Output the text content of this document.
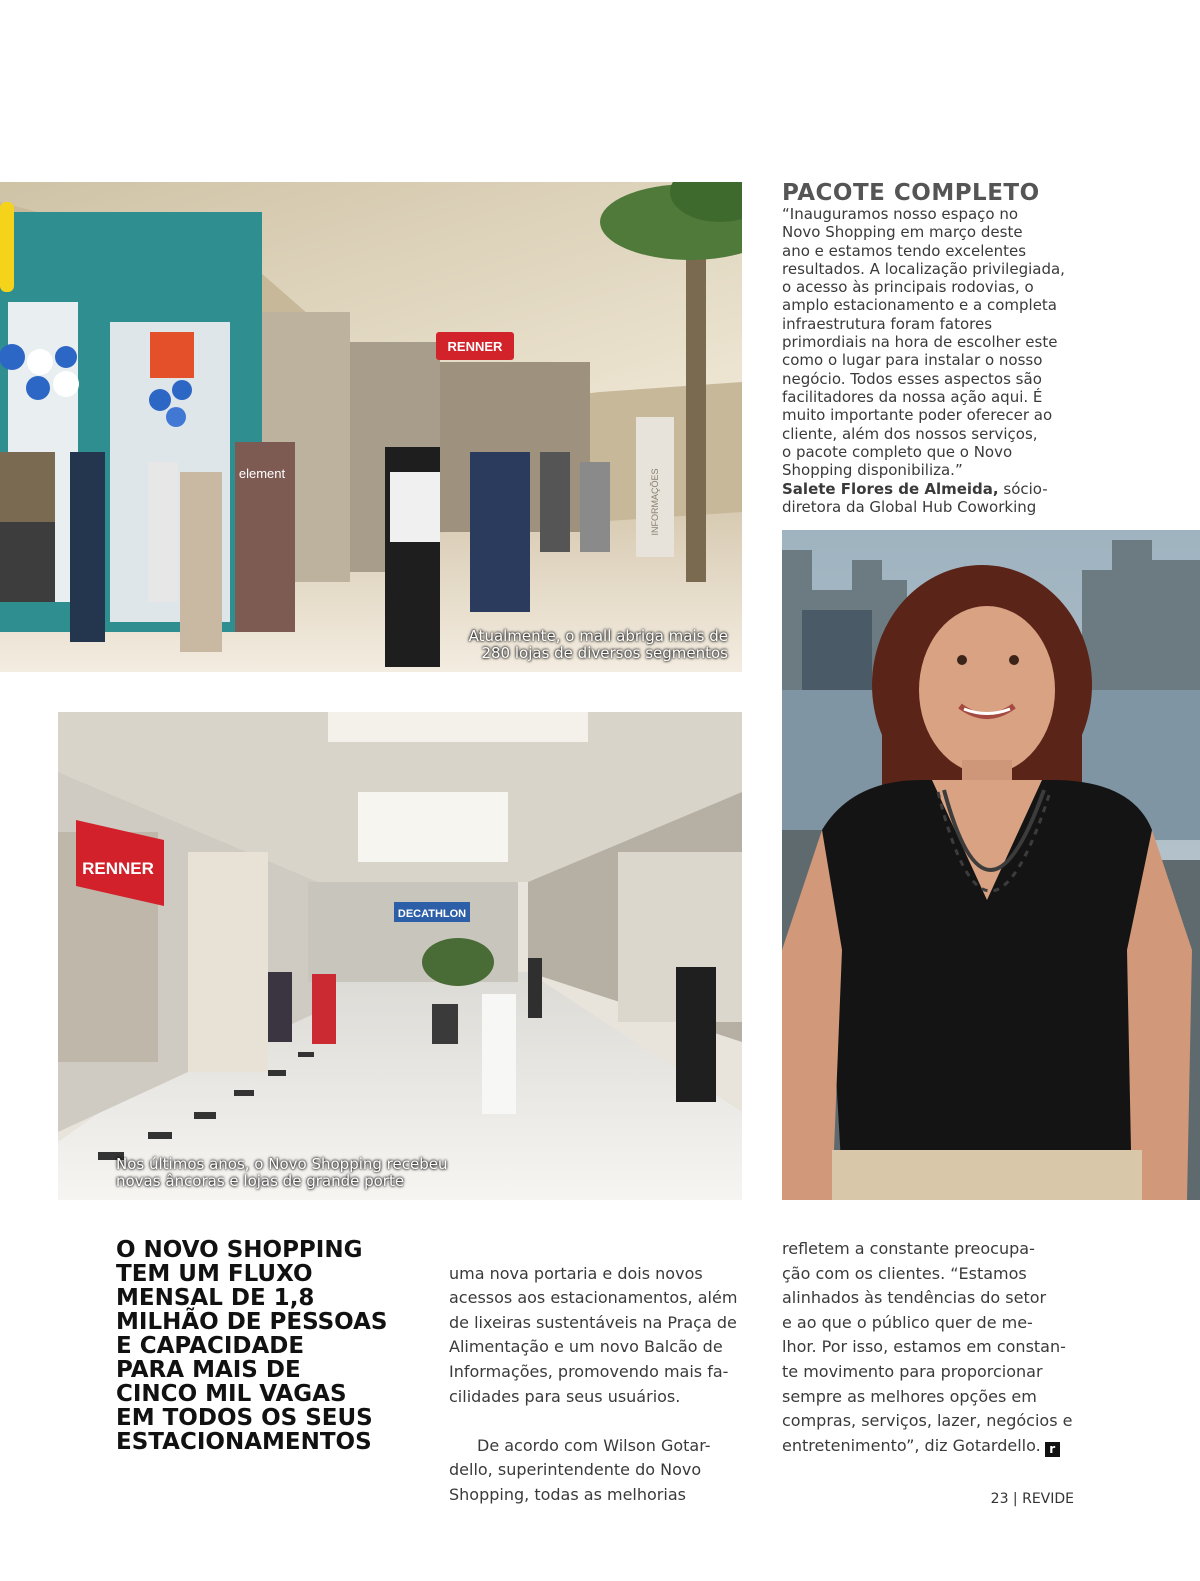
RENNER
INFORMAÇÕES
element
Atualmente, o mall abriga mais de
280 lojas de diversos segmentos
RENNER
DECATHLON
Nos últimos anos, o Novo Shopping recebeu
novas âncoras e lojas de grande porte
PACOTE COMPLETO
“Inauguramos nosso espaço no
Novo Shopping em março deste
ano e estamos tendo excelentes
resultados. A localização privilegiada,
o acesso às principais rodovias, o
amplo estacionamento e a completa
infraestrutura foram fatores
primordiais na hora de escolher este
como o lugar para instalar o nosso
negócio. Todos esses aspectos são
facilitadores da nossa ação aqui. É
muito importante poder oferecer ao
cliente, além dos nossos serviços,
o pacote completo que o Novo
Shopping disponibiliza.”
Salete Flores de Almeida, sócio-
diretora da Global Hub Coworking
O NOVO SHOPPING
TEM UM FLUXO
MENSAL DE 1,8
MILHÃO DE PESSOAS
E CAPACIDADE
PARA MAIS DE
CINCO MIL VAGAS
EM TODOS OS SEUS
ESTACIONAMENTOS

uma nova portaria e dois novos
acessos aos estacionamentos, além
de lixeiras sustentáveis na Praça de
Alimentação e um novo Balcão de
Informações, promovendo mais fa-
cilidades para seus usuários.

De acordo com Wilson Gotar-
dello, superintendente do Novo
Shopping, todas as melhorias

refletem a constante preocupa-
ção com os clientes. “Estamos
alinhados às tendências do setor
e ao que o público quer de me-
lhor. Por isso, estamos em constan-
te movimento para proporcionar
sempre as melhores opções em
compras, serviços, lazer, negócios e
entretenimento”, diz Gotardello. r
23 | REVIDE
